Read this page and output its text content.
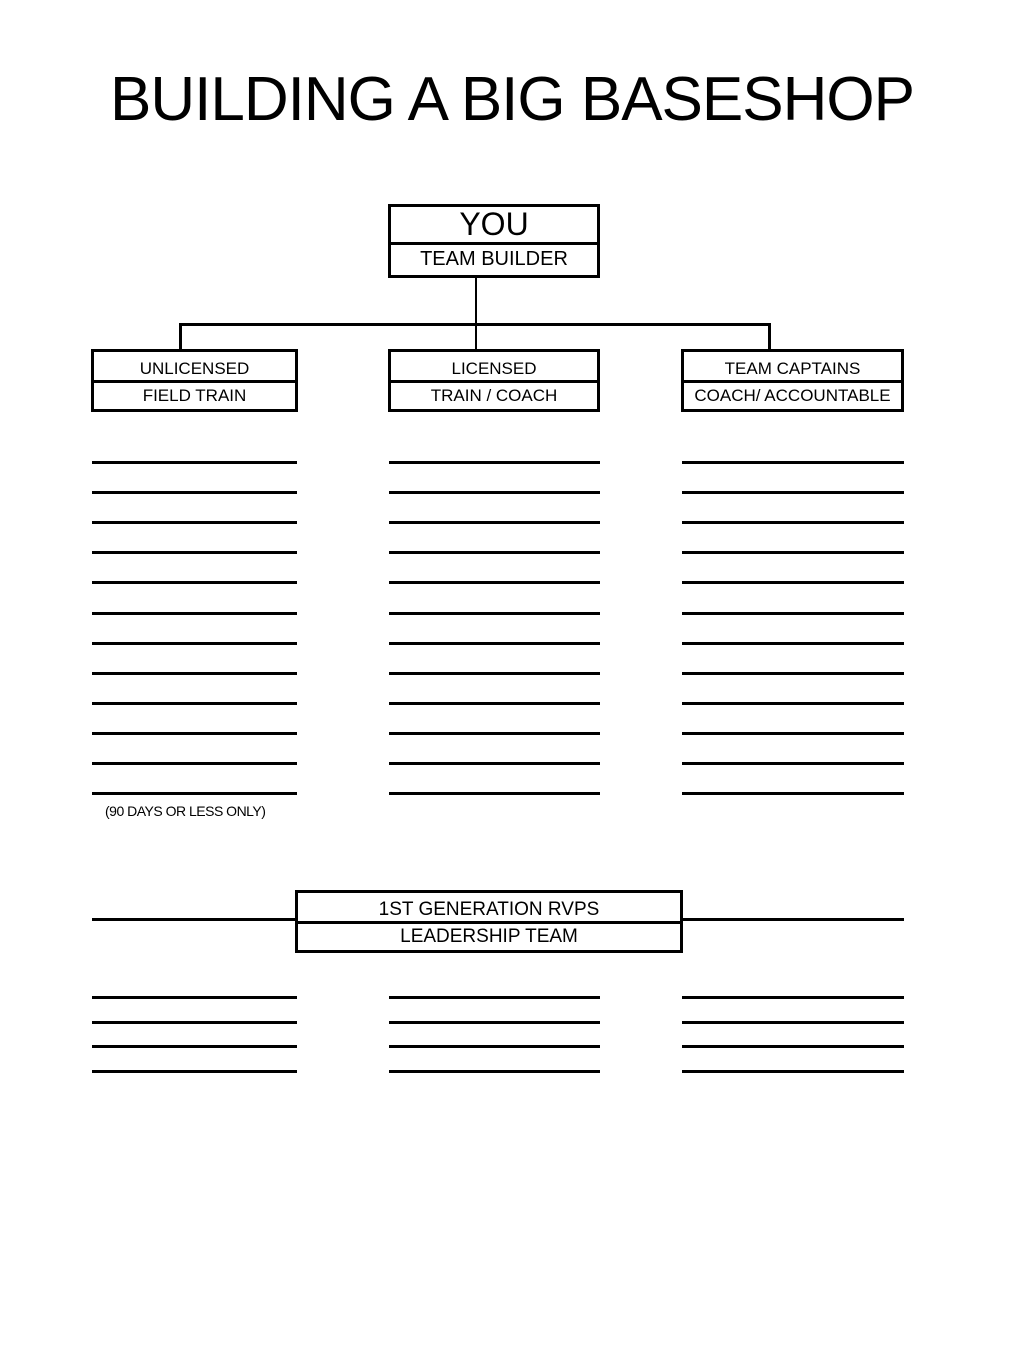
BUILDING A BIG BASESHOP
YOU
TEAM BUILDER
UNLICENSED
FIELD TRAIN
LICENSED
TRAIN / COACH
TEAM CAPTAINS
COACH/ ACCOUNTABLE
(90 DAYS OR LESS ONLY)
1ST GENERATION RVPS
LEADERSHIP TEAM
